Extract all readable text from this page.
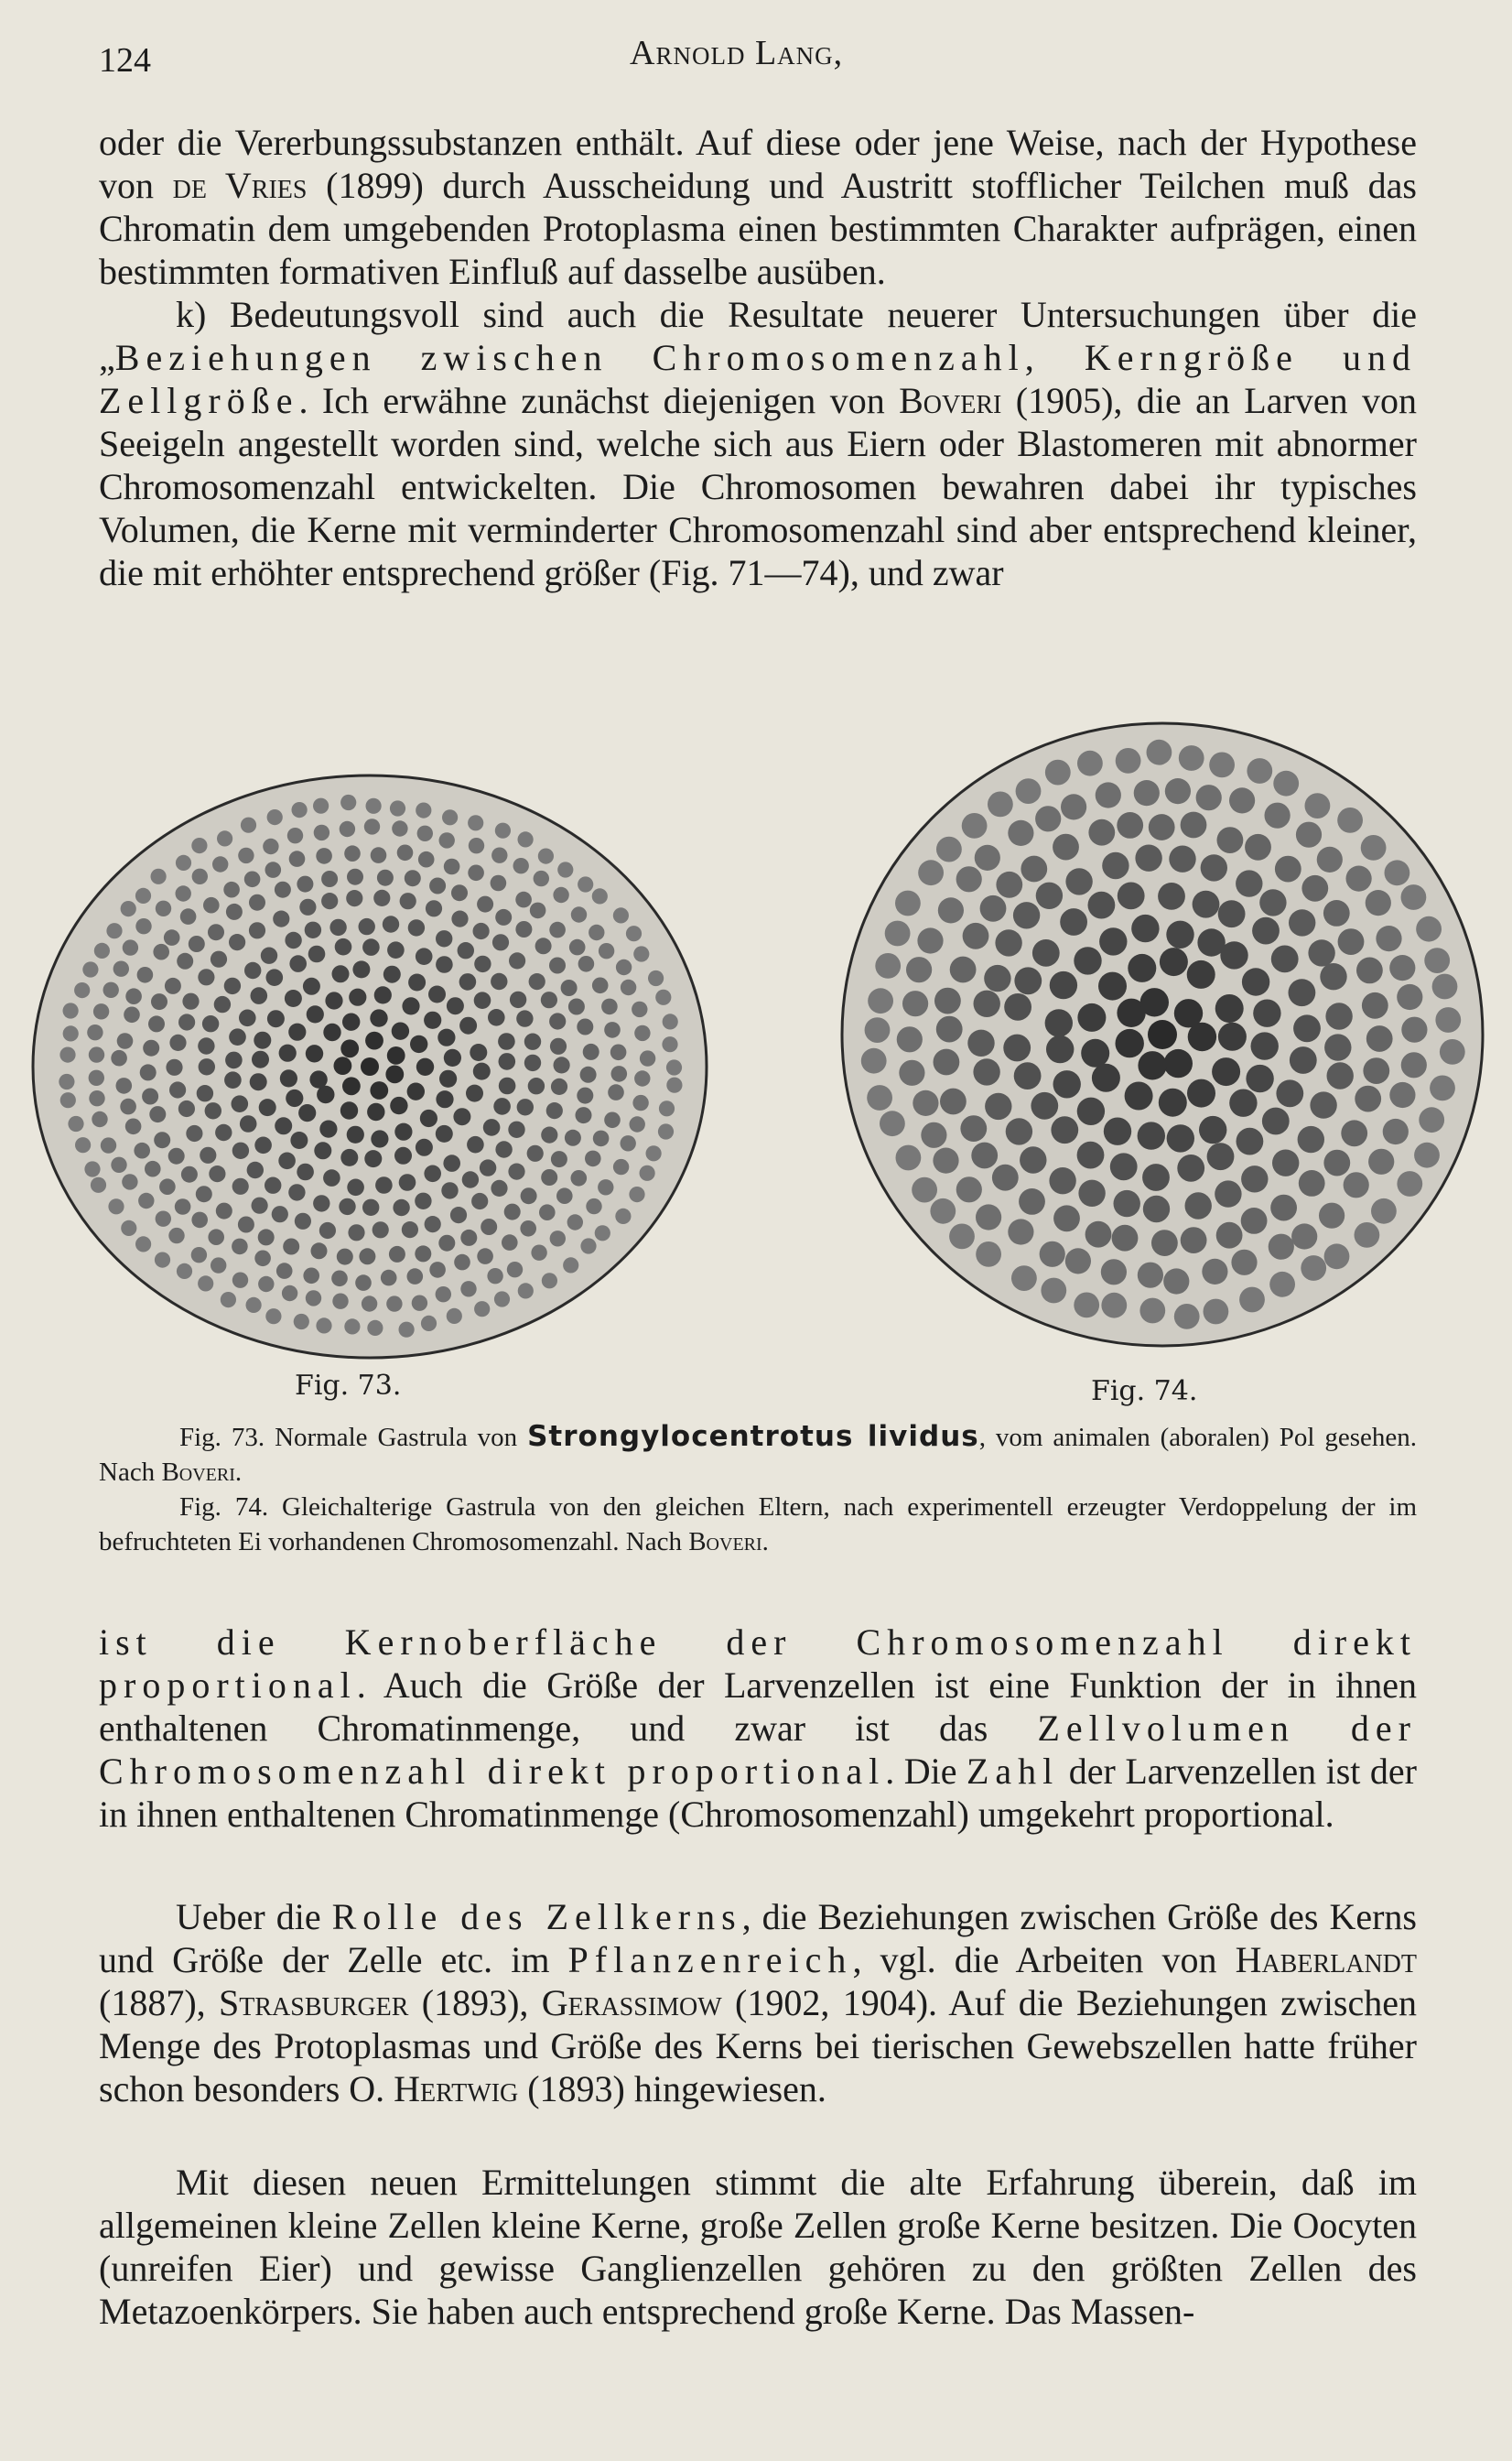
124	Arnold Lang,

oder die Vererbungssubstanzen enthält. Auf diese oder jene Weise, nach der Hypothese von de Vries (1899) durch Ausscheidung und Austritt stofflicher Teilchen muß das Chromatin dem umgebenden Protoplasma einen bestimmten Charakter aufprägen, einen bestimmten formativen Einfluß auf dasselbe ausüben.

k) Bedeutungsvoll sind auch die Resultate neuerer Untersuchungen über die „Beziehungen zwischen Chromosomenzahl, Kerngröße und Zellgröße. Ich erwähne zunächst diejenigen von Boveri (1905), die an Larven von Seeigeln angestellt worden sind, welche sich aus Eiern oder Blastomeren mit abnormer Chromosomenzahl entwickelten. Die Chromosomen bewahren dabei ihr typisches Volumen, die Kerne mit verminderter Chromosomenzahl sind aber entsprechend kleiner, die mit erhöhter entsprechend größer (Fig. 71—74), und zwar

Fig. 73.	Fig. 74.

Fig. 73. Normale Gastrula von Strongylocentrotus lividus, vom animalen (aboralen) Pol gesehen. Nach Boveri.

Fig. 74. Gleichalterige Gastrula von den gleichen Eltern, nach experimentell erzeugter Verdoppelung der im befruchteten Ei vorhandenen Chromosomenzahl. Nach Boveri.

ist die Kernoberfläche der Chromosomenzahl direkt proportional. Auch die Größe der Larvenzellen ist eine Funktion der in ihnen enthaltenen Chromatinmenge, und zwar ist das Zellvolumen der Chromosomenzahl direkt proportional. Die Zahl der Larvenzellen ist der in ihnen enthaltenen Chromatinmenge (Chromosomenzahl) umgekehrt proportional.

Ueber die Rolle des Zellkerns, die Beziehungen zwischen Größe des Kerns und Größe der Zelle etc. im Pflanzenreich, vgl. die Arbeiten von Haberlandt (1887), Strasburger (1893), Gerassimow (1902, 1904). Auf die Beziehungen zwischen Menge des Protoplasmas und Größe des Kerns bei tierischen Gewebszellen hatte früher schon besonders O. Hertwig (1893) hingewiesen.

Mit diesen neuen Ermittelungen stimmt die alte Erfahrung überein, daß im allgemeinen kleine Zellen kleine Kerne, große Zellen große Kerne besitzen. Die Oocyten (unreifen Eier) und gewisse Ganglienzellen gehören zu den größten Zellen des Metazoenkörpers. Sie haben auch entsprechend große Kerne. Das Massen-
